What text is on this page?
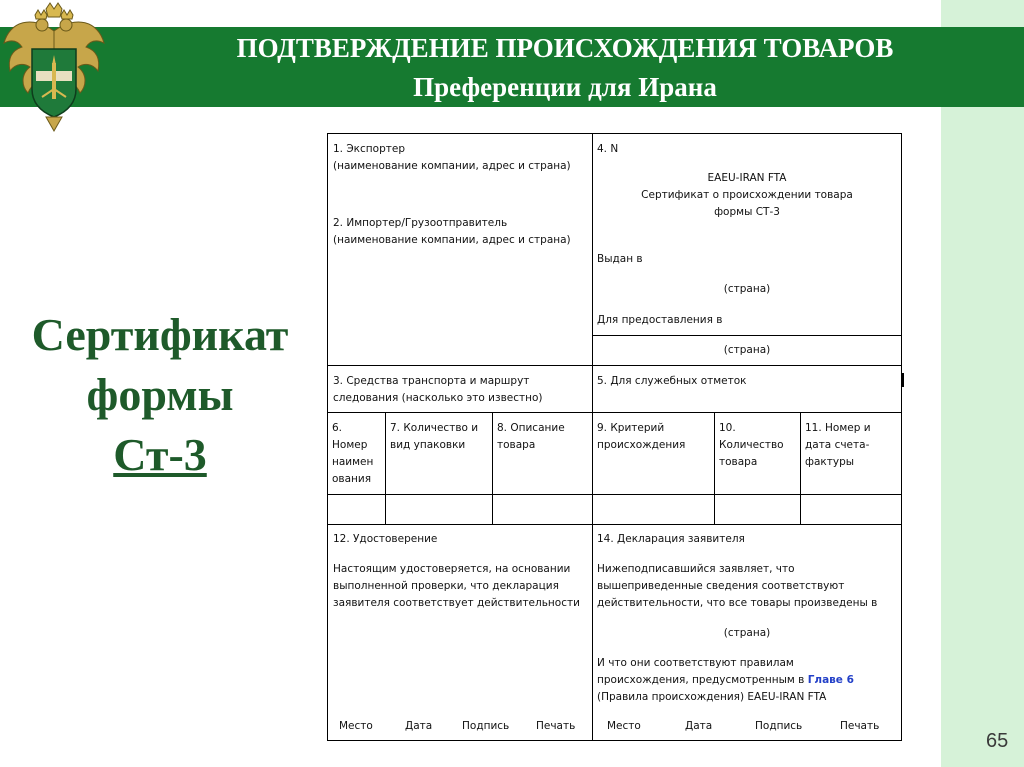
ПОДТВЕРЖДЕНИЕ ПРОИСХОЖДЕНИЯ ТОВАРОВ
Преференции для Ирана
Сертификат
формы
Ст-3
1. Экспортер
(наименование компании, адрес и страна)
2. Импортер/Грузоотправитель
(наименование компании, адрес и страна)
4. N
EAEU-IRAN FTA
Сертификат о происхождении товара
формы СТ-3
Выдан в
(страна)
Для предоставления в
(страна)
3. Средства транспорта и маршрут
следования (насколько это известно)
5. Для служебных отметок
6.
Номер
наимен
ования
7. Количество и
вид упаковки
8. Описание
товара
9. Критерий
происхождения
10.
Количество
товара
11. Номер и
дата счета-
фактуры
12. Удостоверение
Настоящим удостоверяется, на основании
выполненной проверки, что декларация
заявителя соответствует действительности
14. Декларация заявителя
Нижеподписавшийся заявляет, что
вышеприведенные сведения соответствуют
действительности, что все товары произведены в
(страна)
И что они соответствуют правилам
происхождения, предусмотренным в Главе 6
(Правила происхождения) EAEU-IRAN FTA
Место	Дата	Подпись	Печать	Место	Дата	Подпись	Печать
65
